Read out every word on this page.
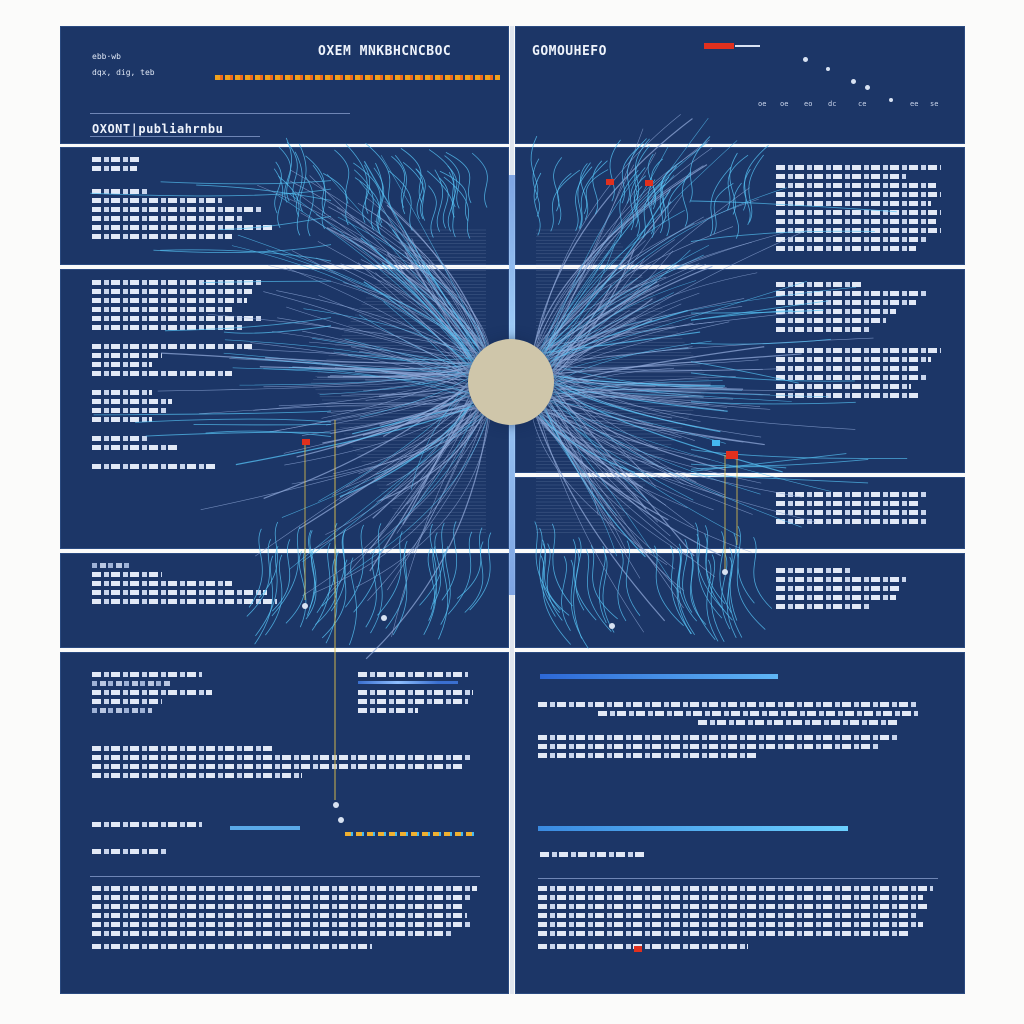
OXEM MNKBHCNCBOC	GOMOUHEFO
ebb·wb
dqx, dig, teb
OXONT|publiahrnbu
oe oe eo dc	ce	ee se
